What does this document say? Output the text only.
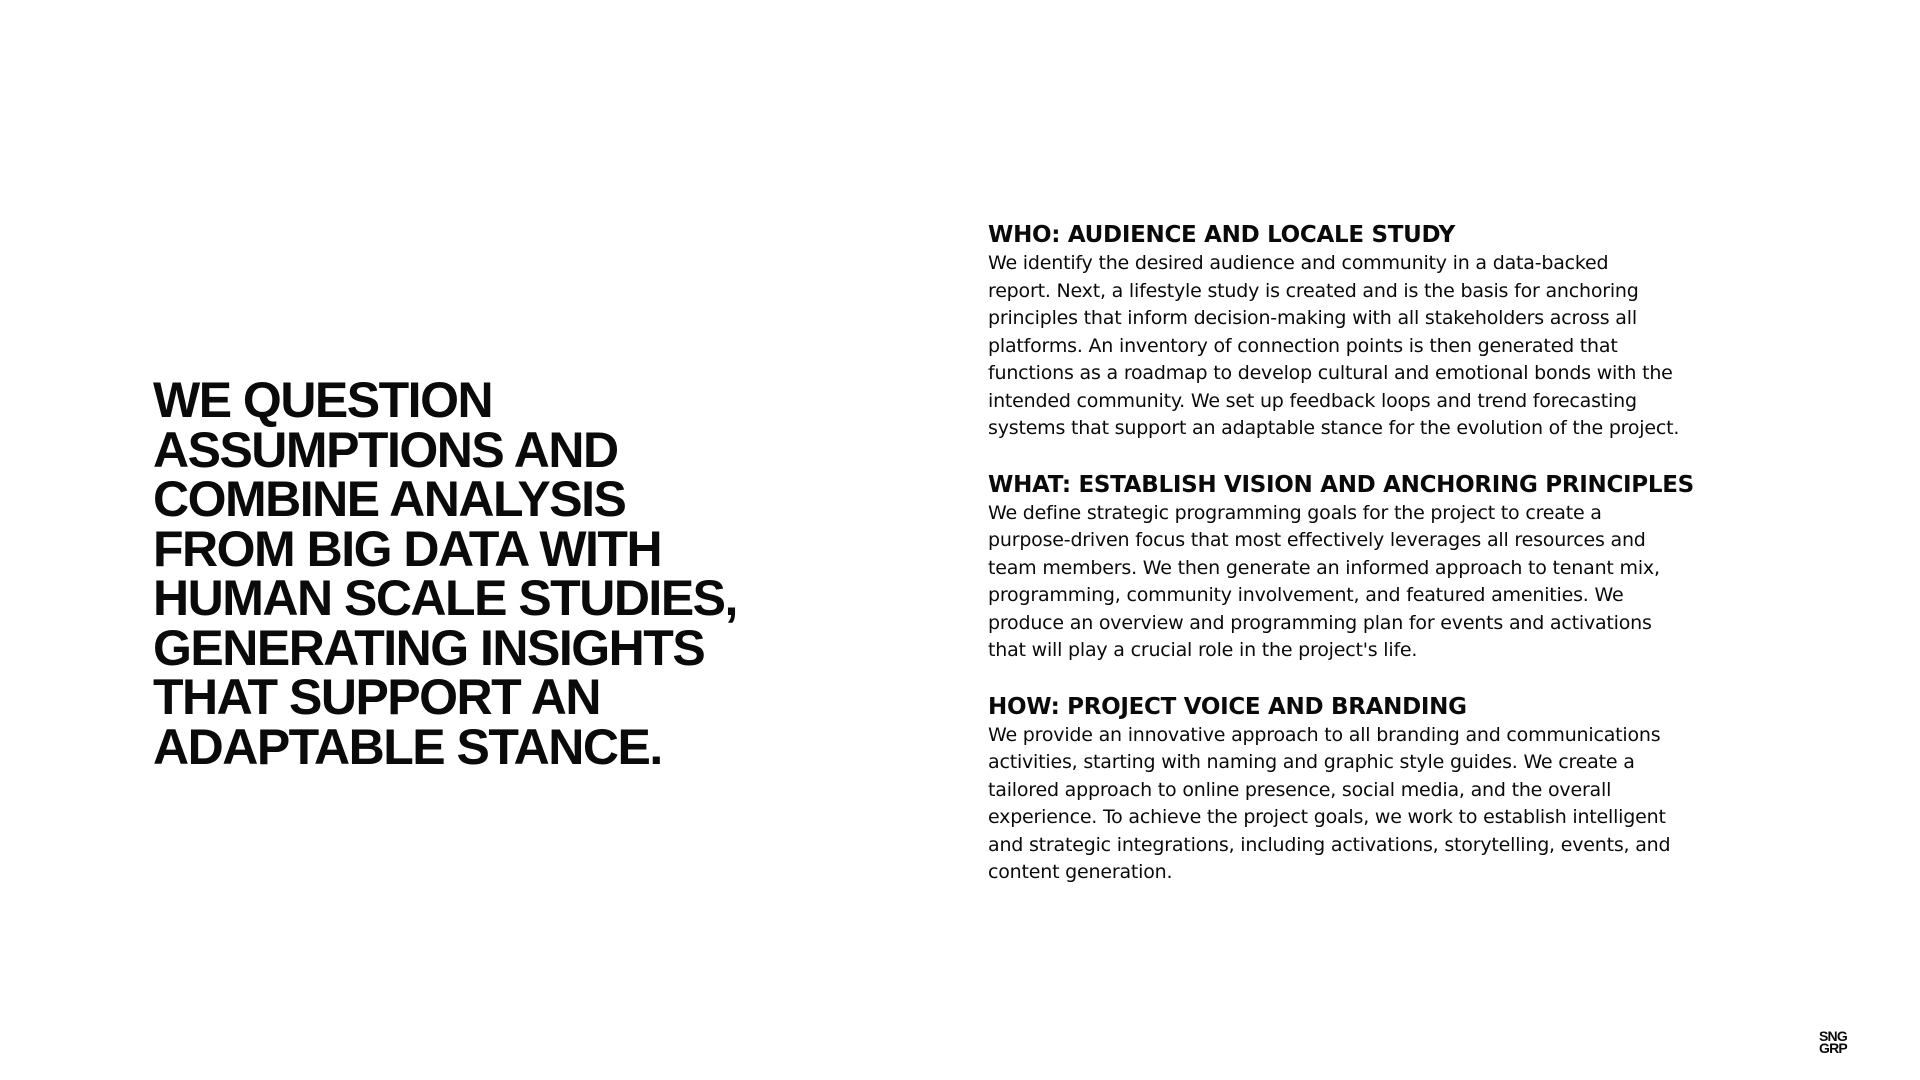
WE QUESTION
ASSUMPTIONS AND
COMBINE ANALYSIS
FROM BIG DATA WITH
HUMAN SCALE STUDIES,
GENERATING INSIGHTS
THAT SUPPORT AN
ADAPTABLE STANCE.
WHO: AUDIENCE AND LOCALE STUDY
We identify the desired audience and community in a data-backed
report. Next, a lifestyle study is created and is the basis for anchoring
principles that inform decision-making with all stakeholders across all
platforms. An inventory of connection points is then generated that
functions as a roadmap to develop cultural and emotional bonds with the
intended community. We set up feedback loops and trend forecasting
systems that support an adaptable stance for the evolution of the project.
WHAT: ESTABLISH VISION AND ANCHORING PRINCIPLES
We define strategic programming goals for the project to create a
purpose-driven focus that most effectively leverages all resources and
team members. We then generate an informed approach to tenant mix,
programming, community involvement, and featured amenities. We
produce an overview and programming plan for events and activations
that will play a crucial role in the project's life.
HOW: PROJECT VOICE AND BRANDING
We provide an innovative approach to all branding and communications
activities, starting with naming and graphic style guides. We create a
tailored approach to online presence, social media, and the overall
experience. To achieve the project goals, we work to establish intelligent
and strategic integrations, including activations, storytelling, events, and
content generation.
SNG
GRP
